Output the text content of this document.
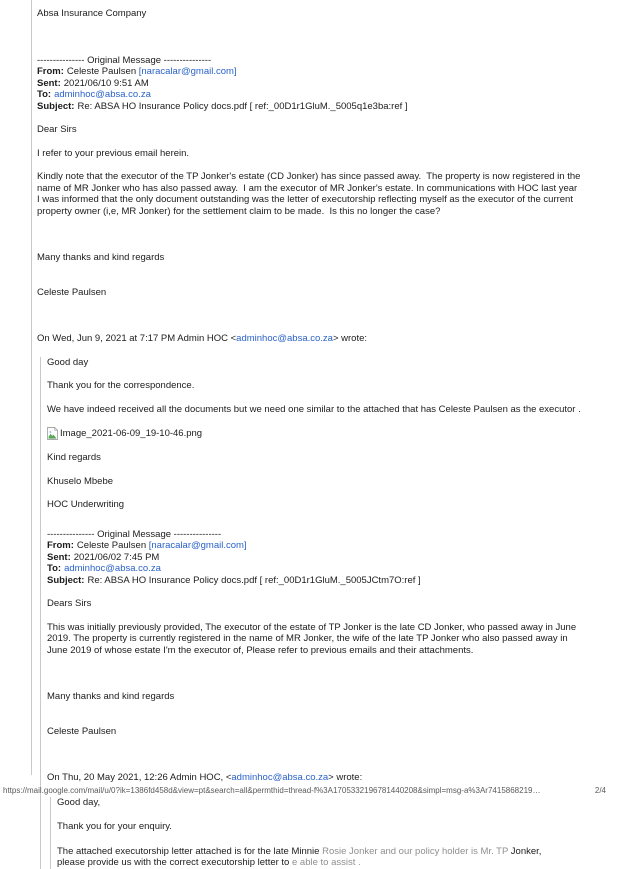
Absa Insurance Company

--------------- Original Message ---------------
From: Celeste Paulsen [naracalar@gmail.com]
Sent: 2021/06/10 9:51 AM
To: adminhoc@absa.co.za
Subject: Re: ABSA HO Insurance Policy docs.pdf [ ref:_00D1r1GluM._5005q1e3ba:ref ]

Dear Sirs

I refer to your previous email herein.

Kindly note that the executor of the TP Jonker's estate (CD Jonker) has since passed away.  The property is now registered in the name of MR Jonker who has also passed away.  I am the executor of MR Jonker's estate. In communications with HOC last year I was informed that the only document outstanding was the letter of executorship reflecting myself as the executor of the current property owner (i,e, MR Jonker) for the settlement claim to be made.  Is this no longer the case?

Many thanks and kind regards

Celeste Paulsen

On Wed, Jun 9, 2021 at 7:17 PM Admin HOC <adminhoc@absa.co.za> wrote:

Good day

Thank you for the correspondence.

We have indeed received all the documents but we need one similar to the attached that has Celeste Paulsen as the executor .

Image_2021-06-09_19-10-46.png

Kind regards

Khuselo Mbebe

HOC Underwriting

--------------- Original Message ---------------
From: Celeste Paulsen [naracalar@gmail.com]
Sent: 2021/06/02 7:45 PM
To: adminhoc@absa.co.za
Subject: Re: ABSA HO Insurance Policy docs.pdf [ ref:_00D1r1GluM._5005JCtm7O:ref ]

Dears Sirs

This was initially previously provided, The executor of the estate of TP Jonker is the late CD Jonker, who passed away in June 2019. The property is currently registered in the name of MR Jonker, the wife of the late TP Jonker who also passed away in June 2019 of whose estate I'm the executor of, Please refer to previous emails and their attachments.

Many thanks and kind regards

Celeste Paulsen

On Thu, 20 May 2021, 12:26 Admin HOC, <adminhoc@absa.co.za> wrote:

Good day,

Thank you for your enquiry.

The attached executorship letter attached is for the late Minnie Rosie Jonker and our policy holder is Mr. TP Jonker, please provide us with the correct executorship letter to e able to assist .

https://mail.google.com/mail/u/0?ik=1386fd458d&view=pt&search=all&permthid=thread-f%3A1705332196781440208&simpl=msg-a%3Ar7415868219…	2/4
